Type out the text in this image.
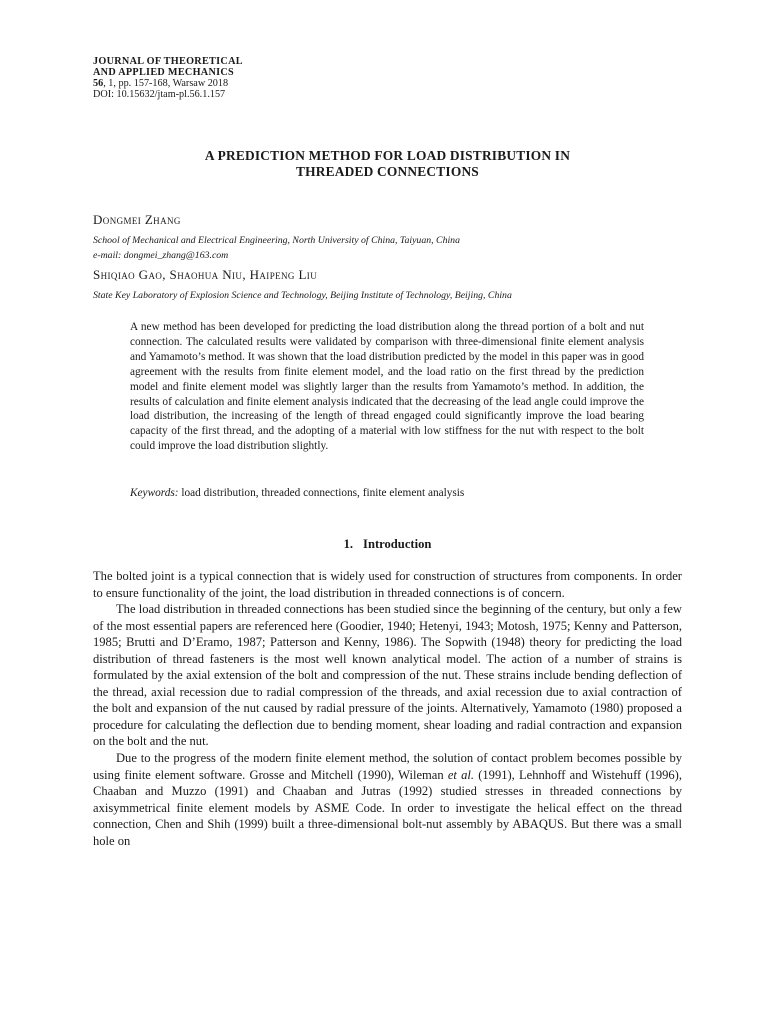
JOURNAL OF THEORETICAL
AND APPLIED MECHANICS
56, 1, pp. 157-168, Warsaw 2018
DOI: 10.15632/jtam-pl.56.1.157
A PREDICTION METHOD FOR LOAD DISTRIBUTION IN
THREADED CONNECTIONS
Dongmei Zhang
School of Mechanical and Electrical Engineering, North University of China, Taiyuan, China
e-mail: dongmei_zhang@163.com
Shiqiao Gao, Shaohua Niu, Haipeng Liu
State Key Laboratory of Explosion Science and Technology, Beijing Institute of Technology, Beijing, China
A new method has been developed for predicting the load distribution along the thread portion of a bolt and nut connection. The calculated results were validated by comparison with three-dimensional finite element analysis and Yamamoto’s method. It was shown that the load distribution predicted by the model in this paper was in good agreement with the results from finite element model, and the load ratio on the first thread by the prediction model and finite element model was slightly larger than the results from Yamamoto’s method. In addition, the results of calculation and finite element analysis indicated that the decreasing of the lead angle could improve the load distribution, the increasing of the length of thread engaged could significantly improve the load bearing capacity of the first thread, and the adopting of a material with low stiffness for the nut with respect to the bolt could improve the load distribution slightly.
Keywords: load distribution, threaded connections, finite element analysis
1. Introduction

The bolted joint is a typical connection that is widely used for construction of structures from components. In order to ensure functionality of the joint, the load distribution in threaded connections is of concern.

The load distribution in threaded connections has been studied since the beginning of the century, but only a few of the most essential papers are referenced here (Goodier, 1940; Hetenyi, 1943; Motosh, 1975; Kenny and Patterson, 1985; Brutti and D’Eramo, 1987; Patterson and Kenny, 1986). The Sopwith (1948) theory for predicting the load distribution of thread fasteners is the most well known analytical model. The action of a number of strains is formulated by the axial extension of the bolt and compression of the nut. These strains include bending deflection of the thread, axial recession due to radial compression of the threads, and axial recession due to axial contraction of the bolt and expansion of the nut caused by radial pressure of the joints. Alternatively, Yamamoto (1980) proposed a procedure for calculating the deflection due to bending moment, shear loading and radial contraction and expansion on the bolt and the nut.

Due to the progress of the modern finite element method, the solution of contact problem becomes possible by using finite element software. Grosse and Mitchell (1990), Wileman et al. (1991), Lehnhoff and Wistehuff (1996), Chaaban and Muzzo (1991) and Chaaban and Jutras (1992) studied stresses in threaded connections by axisymmetrical finite element models by ASME Code. In order to investigate the helical effect on the thread connection, Chen and Shih (1999) built a three-dimensional bolt-nut assembly by ABAQUS. But there was a small hole on
